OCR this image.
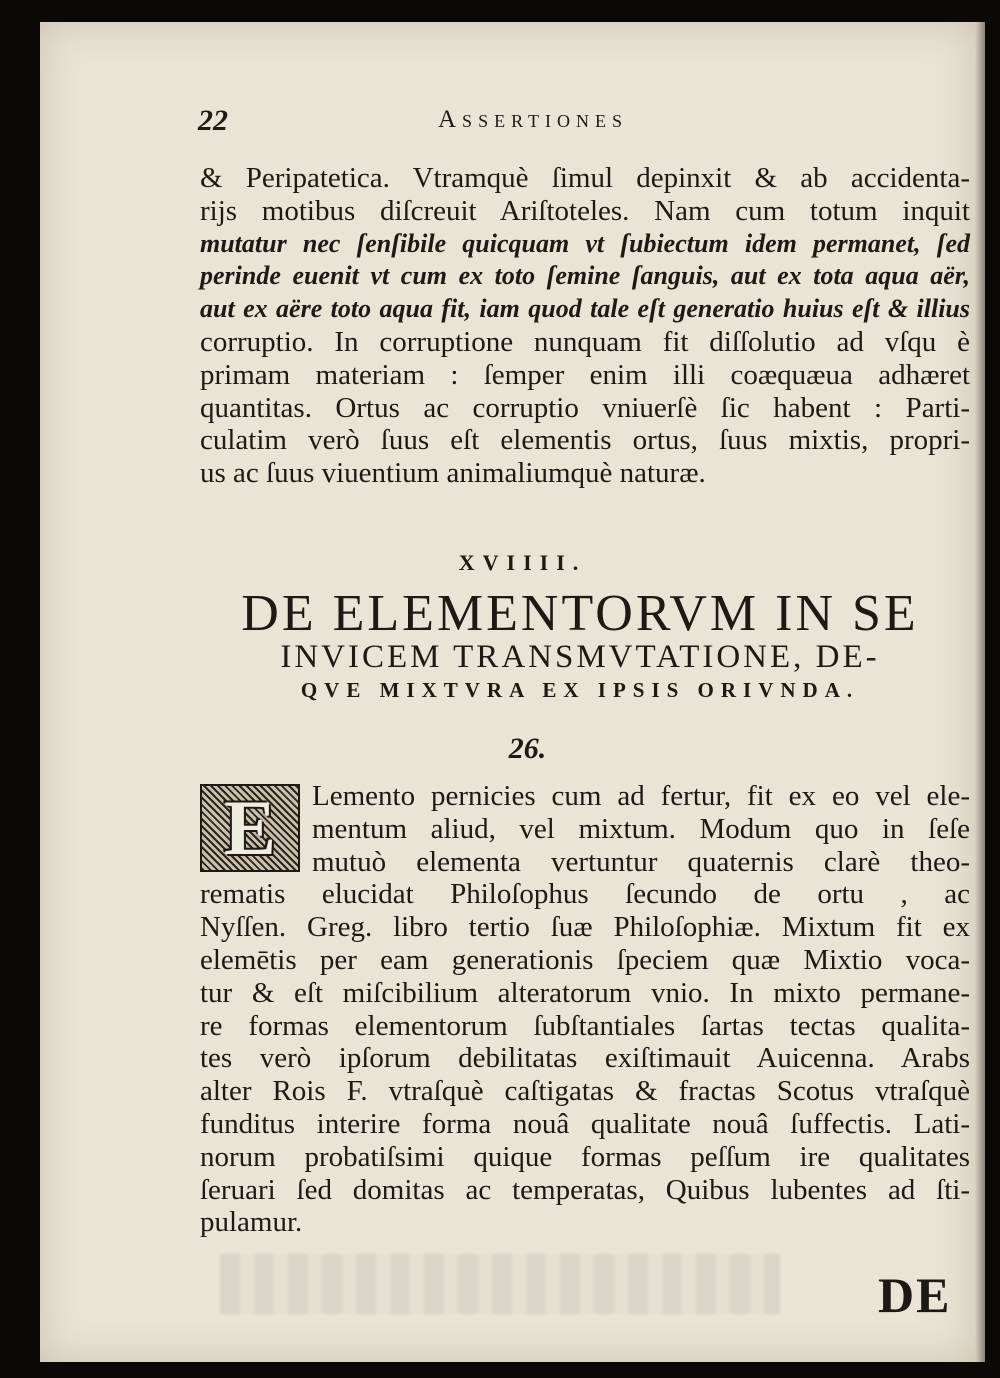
22	Assertiones
& Peripatetica. Vtramquè ſimul depinxit & ab accidenta-
rijs motibus diſcreuit Ariſtoteles. Nam cum totum inquit
mutatur nec ſenſibile quicquam vt ſubiectum idem permanet, ſed
perinde euenit vt cum ex toto ſemine ſanguis, aut ex tota aqua aër,
aut ex aëre toto aqua fit, iam quod tale eſt generatio huius eſt & illius
corruptio. In corruptione nunquam fit diſſolutio ad vſqu è
primam materiam : ſemper enim illi coæquæua adhæret
quantitas. Ortus ac corruptio vniuerſè ſic habent : Parti-
culatim verò ſuus eſt elementis ortus, ſuus mixtis, propri-
us ac ſuus viuentium animaliumquè naturæ.
XVIIII.
DE ELEMENTORVM IN SE
INVICEM TRANSMVTATIONE, DE-
QVE MIXTVRA EX IPSIS ORIVNDA.
26.
E	Lemento pernicies cum ad fertur, fit ex eo vel ele-
mentum aliud, vel mixtum. Modum quo in ſeſe
mutuò elementa vertuntur quaternis clarè theo-
rematis elucidat Philoſophus ſecundo de ortu , ac
Nyſſen. Greg. libro tertio ſuæ Philoſophiæ. Mixtum fit ex
elemētis per eam generationis ſpeciem quæ Mixtio voca-
tur & eſt miſcibilium alteratorum vnio. In mixto permane-
re formas elementorum ſubſtantiales ſartas tectas qualita-
tes verò ipſorum debilitatas exiſtimauit Auicenna. Arabs
alter Rois F. vtraſquè caſtigatas & fractas Scotus vtraſquè
funditus interire forma nouâ qualitate nouâ ſuffectis. Lati-
norum probatiſsimi quique formas peſſum ire qualitates
ſeruari ſed domitas ac temperatas, Quibus lubentes ad ſti-
pulamur.
DE
